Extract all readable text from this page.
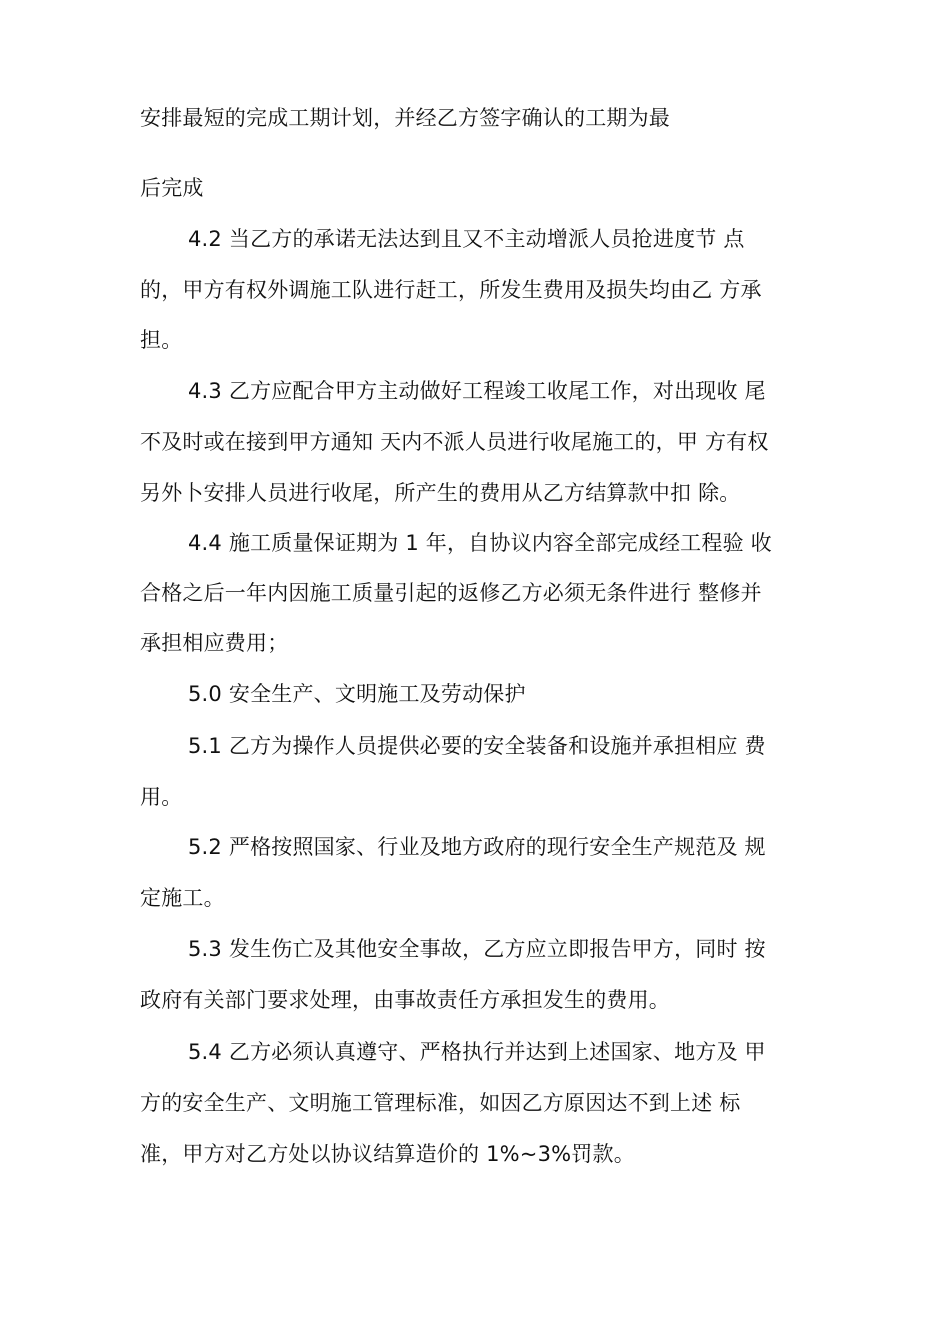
安排最短的完成工期计划，并经乙方签字确认的工期为最
后完成
4.2 当乙方的承诺无法达到且又不主动增派人员抢进度节 点
的，甲方有权外调施工队进行赶工，所发生费用及损失均由乙 方承
担。
4.3 乙方应配合甲方主动做好工程竣工收尾工作，对出现收 尾
不及时或在接到甲方通知 天内不派人员进行收尾施工的，甲 方有权
另外卜安排人员进行收尾，所产生的费用从乙方结算款中扣 除。
4.4 施工质量保证期为 1 年，自协议内容全部完成经工程验 收
合格之后一年内因施工质量引起的返修乙方必须无条件进行 整修并
承担相应费用；
5.0 安全生产、文明施工及劳动保护
5.1 乙方为操作人员提供必要的安全装备和设施并承担相应 费
用。
5.2 严格按照国家、行业及地方政府的现行安全生产规范及 规
定施工。
5.3 发生伤亡及其他安全事故，乙方应立即报告甲方，同时 按
政府有关部门要求处理，由事故责任方承担发生的费用。
5.4 乙方必须认真遵守、严格执行并达到上述国家、地方及 甲
方的安全生产、文明施工管理标准，如因乙方原因达不到上述 标
准，甲方对乙方处以协议结算造价的 1%~3%罚款。
